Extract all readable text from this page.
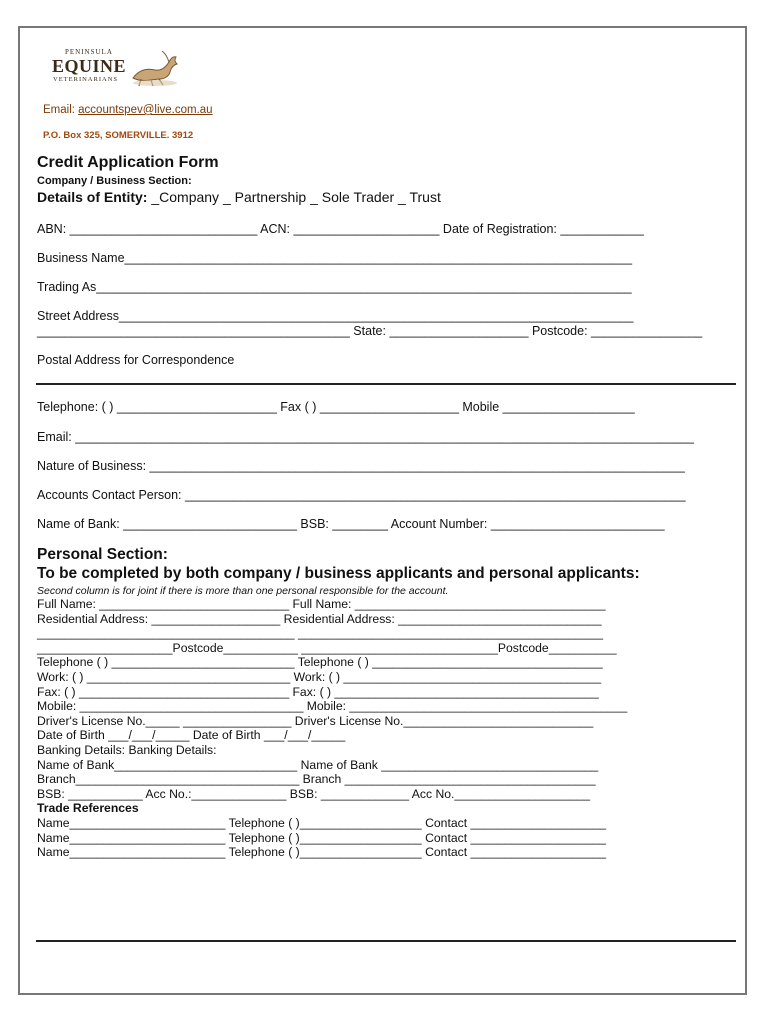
PENINSULA
EQUINE
VETERINARIANS
Email: accountspev@live.com.au
P.O. Box 325, SOMERVILLE. 3912
Credit Application Form
Company / Business Section:
Details of Entity: _Company _ Partnership _ Sole Trader _ Trust
ABN: ___________________________ ACN: _____________________ Date of Registration: ____________
Business Name_________________________________________________________________________
Trading As_____________________________________________________________________________
Street Address__________________________________________________________________________
_____________________________________________ State: ____________________ Postcode: ________________
Postal Address for Correspondence
Telephone: ( ) _______________________ Fax ( ) ____________________ Mobile ___________________
Email: _________________________________________________________________________________________
Nature of Business: _____________________________________________________________________________
Accounts Contact Person: ________________________________________________________________________
Name of Bank: _________________________ BSB: ________ Account Number: _________________________
Personal Section:
To be completed by both company / business applicants and personal applicants:
Second column is for joint if there is more than one personal responsible for the account.
Full Name: ____________________________ Full Name: _____________________________________
Residential Address: ___________________ Residential Address: ______________________________
______________________________________ _____________________________________________
____________________Postcode___________ _____________________________Postcode__________
Telephone ( ) ___________________________ Telephone ( ) __________________________________
Work: ( ) ______________________________ Work: ( ) ______________________________________
Fax: ( ) _______________________________ Fax: ( ) _______________________________________
Mobile: _________________________________ Mobile: _________________________________________
Driver's License No._____ ________________ Driver's License No.____________________________
Date of Birth ___/___/_____ Date of Birth ___/___/_____
Banking Details: Banking Details:
Name of Bank___________________________ Name of Bank ________________________________
Branch_________________________________ Branch _____________________________________
BSB: ___________ Acc No.:______________ BSB: _____________ Acc No.____________________
Trade References
Name_______________________ Telephone ( )__________________ Contact ____________________
Name_______________________ Telephone ( )__________________ Contact ____________________
Name_______________________ Telephone ( )__________________ Contact ____________________
